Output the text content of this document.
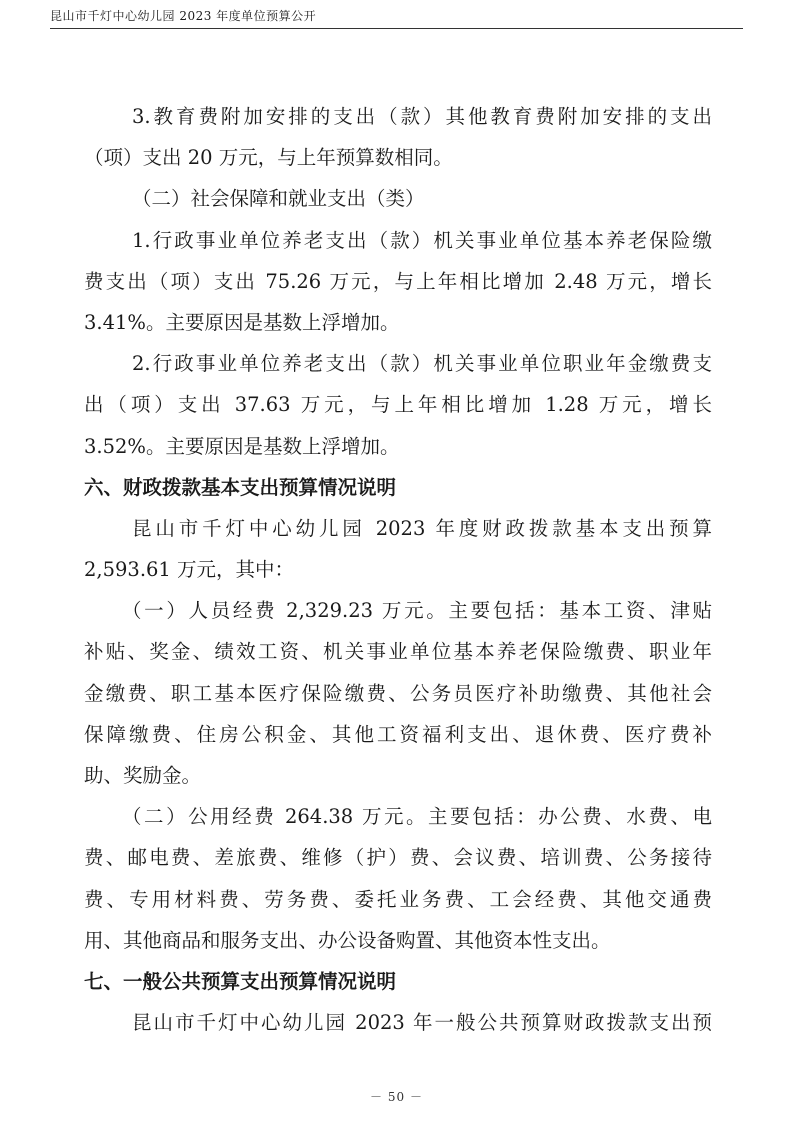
昆山市千灯中心幼儿园 2023 年度单位预算公开
3.教育费附加安排的支出（款）其他教育费附加安排的支出
（项）支出 20 万元，与上年预算数相同。
（二）社会保障和就业支出（类）
1.行政事业单位养老支出（款）机关事业单位基本养老保险缴
费支出（项）支出 75.26 万元，与上年相比增加 2.48 万元，增长
3.41%。主要原因是基数上浮增加。
2.行政事业单位养老支出（款）机关事业单位职业年金缴费支
出（项）支出 37.63 万元，与上年相比增加 1.28 万元，增长
3.52%。主要原因是基数上浮增加。
六、财政拨款基本支出预算情况说明
昆山市千灯中心幼儿园 2023 年度财政拨款基本支出预算
2,593.61 万元，其中：
（一）人员经费 2,329.23 万元。主要包括：基本工资、津贴
补贴、奖金、绩效工资、机关事业单位基本养老保险缴费、职业年
金缴费、职工基本医疗保险缴费、公务员医疗补助缴费、其他社会
保障缴费、住房公积金、其他工资福利支出、退休费、医疗费补
助、奖励金。
（二）公用经费 264.38 万元。主要包括：办公费、水费、电
费、邮电费、差旅费、维修（护）费、会议费、培训费、公务接待
费、专用材料费、劳务费、委托业务费、工会经费、其他交通费
用、其他商品和服务支出、办公设备购置、其他资本性支出。
七、一般公共预算支出预算情况说明
昆山市千灯中心幼儿园 2023 年一般公共预算财政拨款支出预
－ 50 －
